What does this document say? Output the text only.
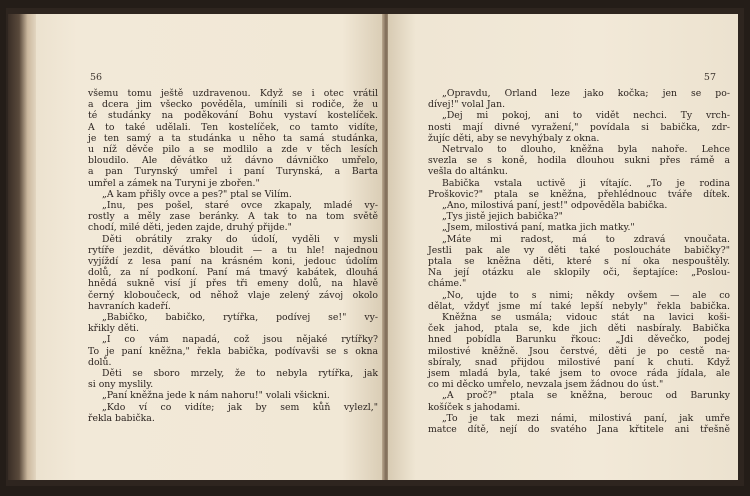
56
všemu tomu ještě uzdravenou. Když se i otec vrátil
a dcera jim všecko pověděla, umínili si rodiče, že u
té studánky na poděkování Bohu vystaví kostelíček.
A to také udělali. Ten kostelíček, co tamto vidíte,
je ten samý a ta studánka u něho ta samá studánka,
u níž děvče pilo a se modlilo a zde v těch lesích
bloudilo. Ale děvátko už dávno dávničko umřelo,
a pan Turynský umřel i paní Turynská, a Barta
umřel a zámek na Turyni je zbořen."
„A kam přišly ovce a pes?" ptal se Vilím.
„Inu, pes pošel, staré ovce zkapaly, mladé vy-
rostly a měly zase beránky. A tak to na tom světě
chodí, milé děti, jeden zajde, druhý přijde."
Děti obrátily zraky do údolí, vyděli v mysli
rytíře jezdit, děvátko bloudit — a tu hle! najednou
vyjíždí z lesa paní na krásném koni, jedouc údolím
dolů, za ní podkoní. Paní má tmavý kabátek, dlouhá
hnědá sukně visí jí přes tři emeny dolů, na hlavě
černý kloboučeck, od něhož vlaje zelený závoj okolo
havraních kadeří.
„Babičko, babičko, rytířka, podívej se!" vy-
křikly děti.
„I co vám napadá, což jsou nějaké rytířky?
To je paní kněžna," řekla babička, podívavši se s okna
dolů.
Děti se sboro mrzely, že to nebyla rytířka, jak
si ony myslily.
„Paní kněžna jede k nám nahoru!" volali všickni.
„Kdo ví co vidíte; jak by sem kůň vylezl,"
řekla babička.
57
„Opravdu, Orland leze jako kočka; jen se po-
dívej!" volal Jan.
„Dej mi pokoj, ani to vidět nechci. Ty vrch-
nosti mají divné vyražení," povídala si babička, zdr-
žujíc děti, aby se nevyhýbaly z okna.
Netrvalo to dlouho, kněžna byla nahoře. Lehce
svezla se s koně, hodila dlouhou sukni přes rámě a
vešla do altánku.
Babička vstala uctivě ji vítajíc. „To je rodina
Proškovic?" ptala se kněžna, přehlédnouc tváře dítek.
„Ano, milostivá paní, jest!" odpověděla babička.
„Tys jistě jejich babička?"
„Jsem, milostivá paní, matka jich matky."
„Máte mi radost, má to zdravá vnoučata.
Jestli pak ale vy děti také posloucháte babičky?"
ptala se kněžna děti, které s ní oka nespouštěly.
Na její otázku ale sklopily oči, šeptajíce: „Poslou-
cháme."
„No, ujde to s nimi; někdy ovšem — ale co
dělat, vždyť jsme mí také lepší nebyly" řekla babička.
Kněžna se usmála; vidouc stát na lavici koši-
ček jahod, ptala se, kde jich děti nasbíraly. Babička
hned pobídla Barunku řkouc: „Jdi děvečko, podej
milostivé kněžně. Jsou čerstvé, děti je po cestě na-
sbíraly, snad přijdou milostivé paní k chuti. Když
jsem mladá byla, také jsem to ovoce ráda jídala, ale
co mi děcko umřelo, nevzala jsem žádnou do úst."
„A proč?" ptala se kněžna, berouc od Barunky
košíček s jahodami.
„To je tak mezi námi, milostivá paní, jak umře
matce dítě, nejí do svatého Jana křtitele ani třešně
